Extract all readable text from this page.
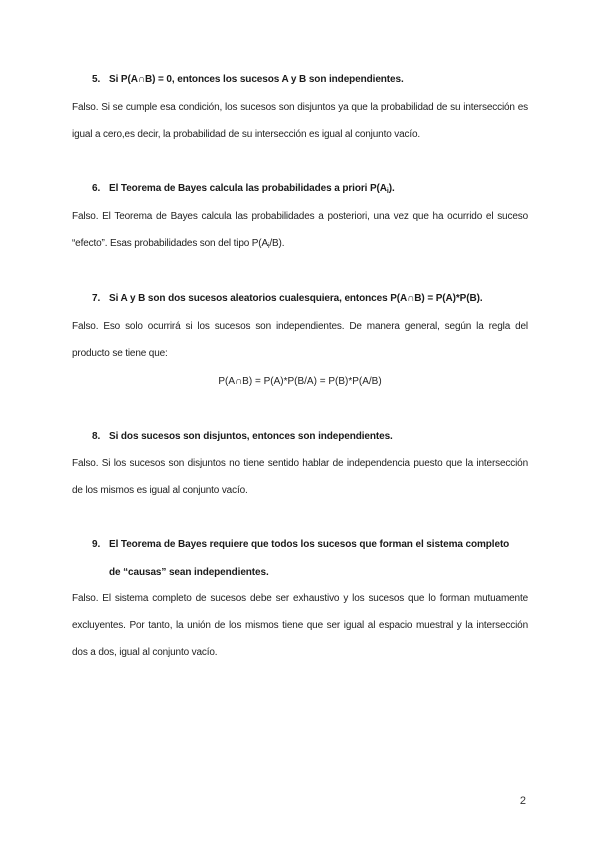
5. Si P(A∩B) = 0, entonces los sucesos A y B son independientes.
Falso. Si se cumple esa condición, los sucesos son disjuntos ya que la probabilidad de su intersección es igual a cero,es decir, la probabilidad de su intersección es igual al conjunto vacío.
6. El Teorema de Bayes calcula las probabilidades a priori $P(A_i)$.
Falso. El Teorema de Bayes calcula las probabilidades a posteriori, una vez que ha ocurrido el suceso “efecto”. Esas probabilidades son del tipo $P(A_i/B)$.
7. Si A y B son dos sucesos aleatorios cualesquiera, entonces P(A∩B) = P(A)*P(B).
Falso. Eso solo ocurrirá si los sucesos son independientes. De manera general, según la regla del producto se tiene que:
P(A∩B) = P(A)*P(B/A) = P(B)*P(A/B)
8. Si dos sucesos son disjuntos, entonces son independientes.
Falso. Si los sucesos son disjuntos no tiene sentido hablar de independencia puesto que la intersección de los mismos es igual al conjunto vacío.
9. El Teorema de Bayes requiere que todos los sucesos que forman el sistema completo
de “causas” sean independientes.
Falso. El sistema completo de sucesos debe ser exhaustivo y los sucesos que lo forman mutuamente excluyentes. Por tanto, la unión de los mismos tiene que ser igual al espacio muestral y la intersección dos a dos, igual al conjunto vacío.
2
